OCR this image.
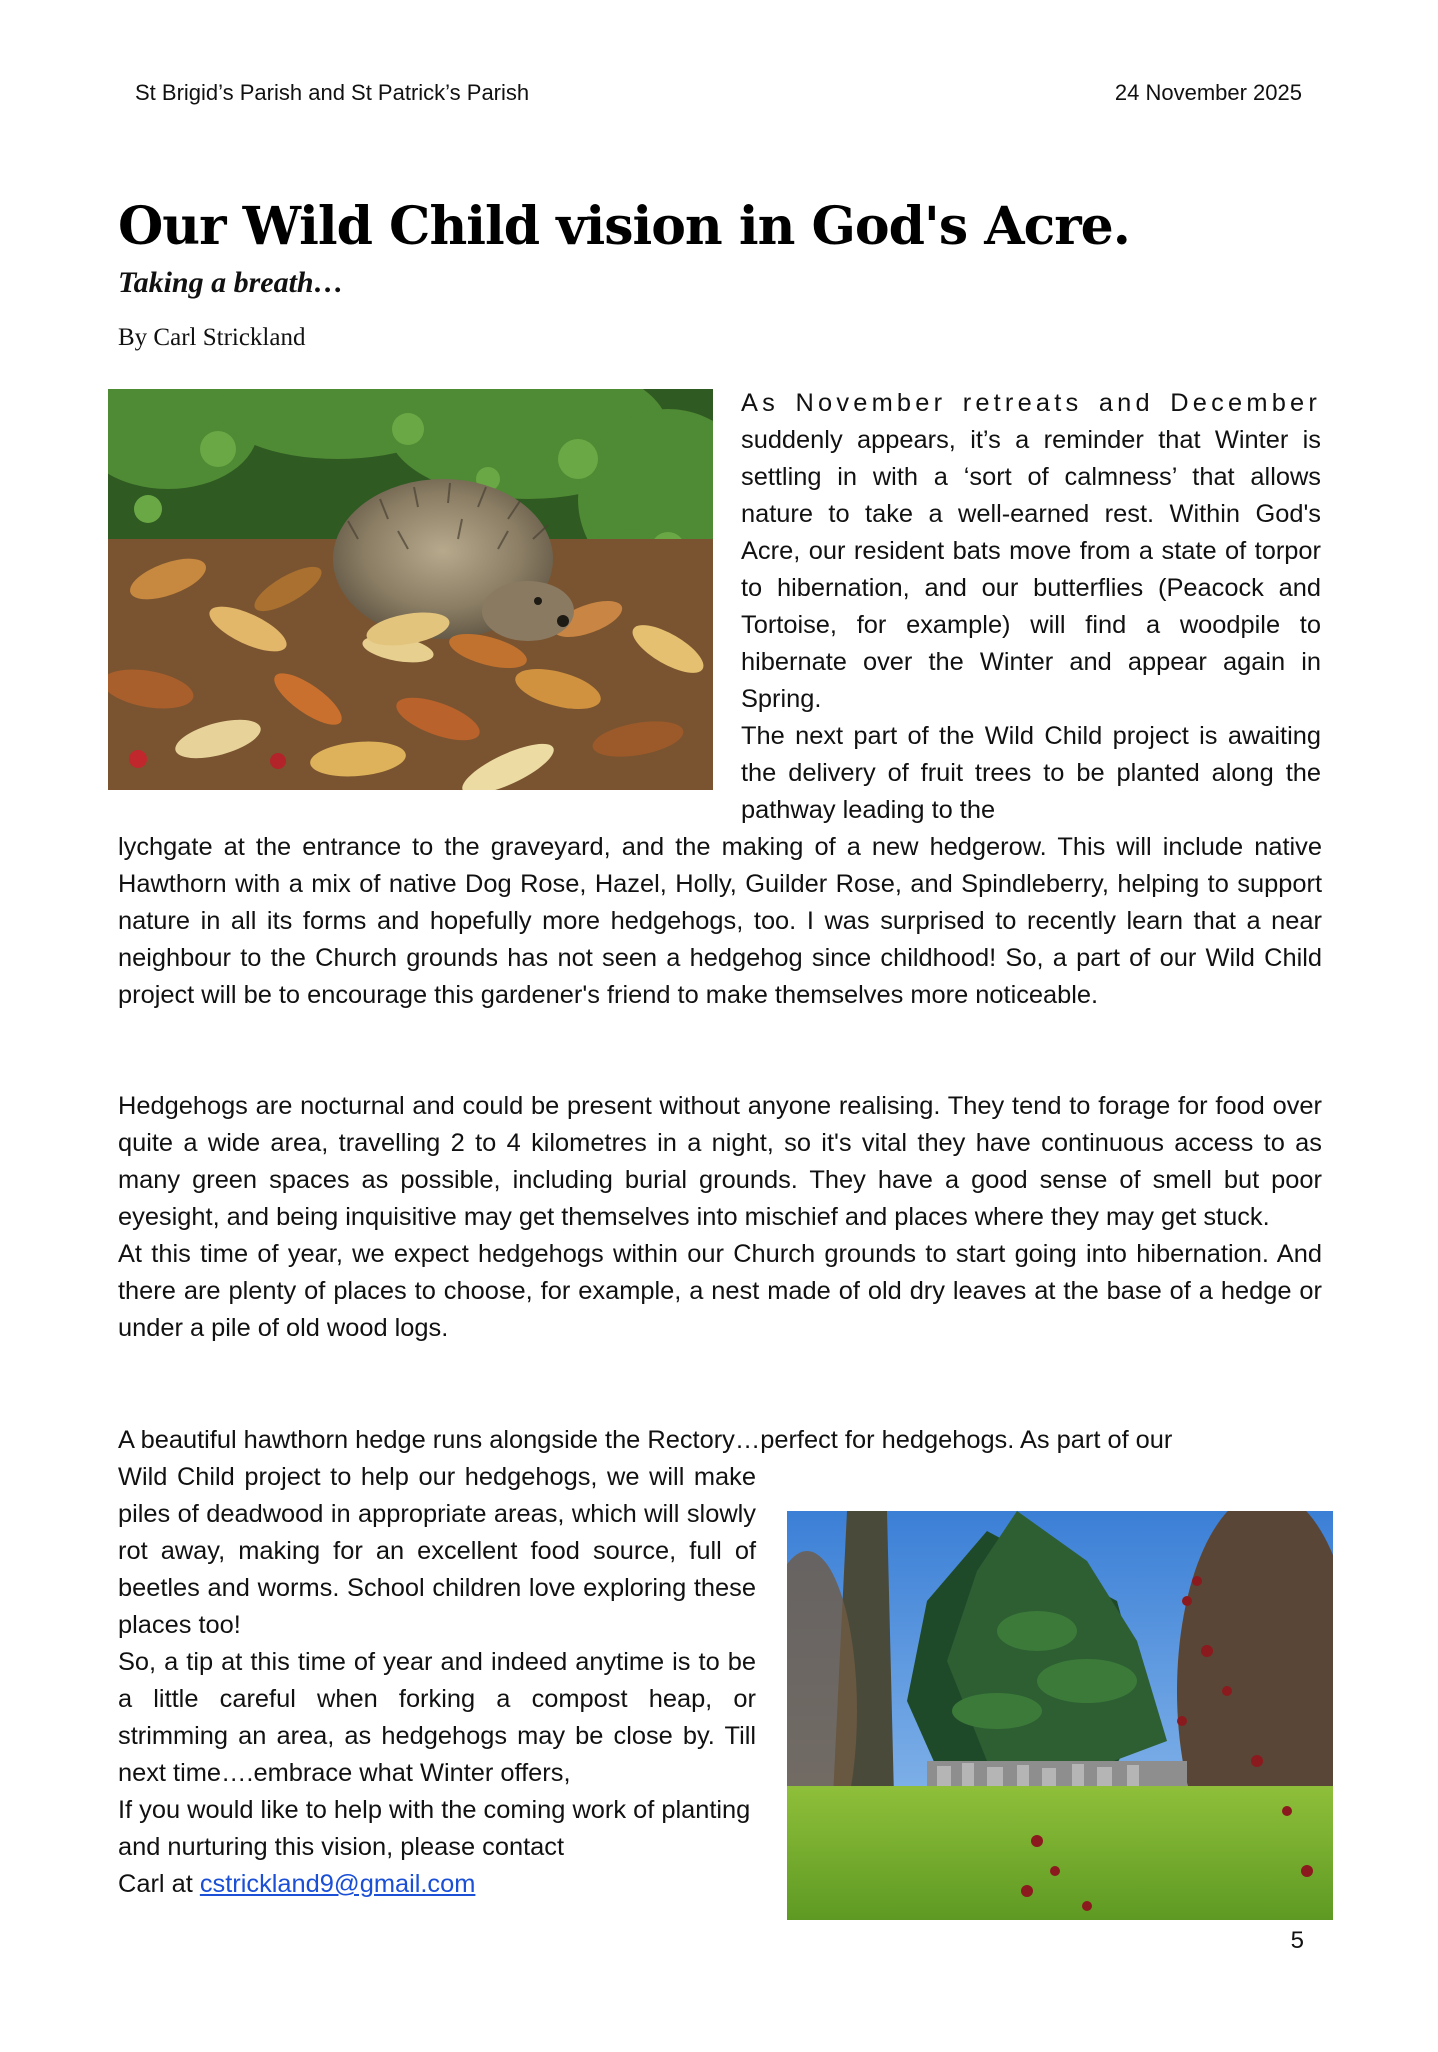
St Brigid’s Parish and St Patrick’s Parish	24 November 2025
Our Wild Child vision in God's Acre.
Taking a breath…
By Carl Strickland

As November retreats and December suddenly appears, it’s a reminder that Winter is settling in with a ‘sort of calmness’ that allows nature to take a well-earned rest. Within God's Acre, our resident bats move from a state of torpor to hibernation, and our butterflies (Peacock and Tortoise, for example) will find a woodpile to hibernate over the Winter and appear again in Spring.

The next part of the Wild Child project is awaiting the delivery of fruit trees to be planted along the pathway leading to the

lychgate at the entrance to the graveyard, and the making of a new hedgerow. This will include native Hawthorn with a mix of native Dog Rose, Hazel, Holly, Guilder Rose, and Spindleberry, helping to support nature in all its forms and hopefully more hedgehogs, too. I was surprised to recently learn that a near neighbour to the Church grounds has not seen a hedgehog since childhood! So, a part of our Wild Child project will be to encourage this gardener's friend to make themselves more noticeable.

Hedgehogs are nocturnal and could be present without anyone realising. They tend to forage for food over quite a wide area, travelling 2 to 4 kilometres in a night, so it's vital they have continuous access to as many green spaces as possible, including burial grounds. They have a good sense of smell but poor eyesight, and being inquisitive may get themselves into mischief and places where they may get stuck.

At this time of year, we expect hedgehogs within our Church grounds to start going into hibernation. And there are plenty of places to choose, for example, a nest made of old dry leaves at the base of a hedge or under a pile of old wood logs.

A beautiful hawthorn hedge runs alongside the Rectory…perfect for hedgehogs. As part of our

Wild Child project to help our hedgehogs, we will make piles of deadwood in appropriate areas, which will slowly rot away, making for an excellent food source, full of beetles and worms. School children love exploring these places too!

So, a tip at this time of year and indeed anytime is to be a little careful when forking a compost heap, or strimming an area, as hedgehogs may be close by. Till next time….embrace what Winter offers,

If you would like to help with the coming work of planting and nurturing this vision, please contact

Carl at cstrickland9@gmail.com

5
